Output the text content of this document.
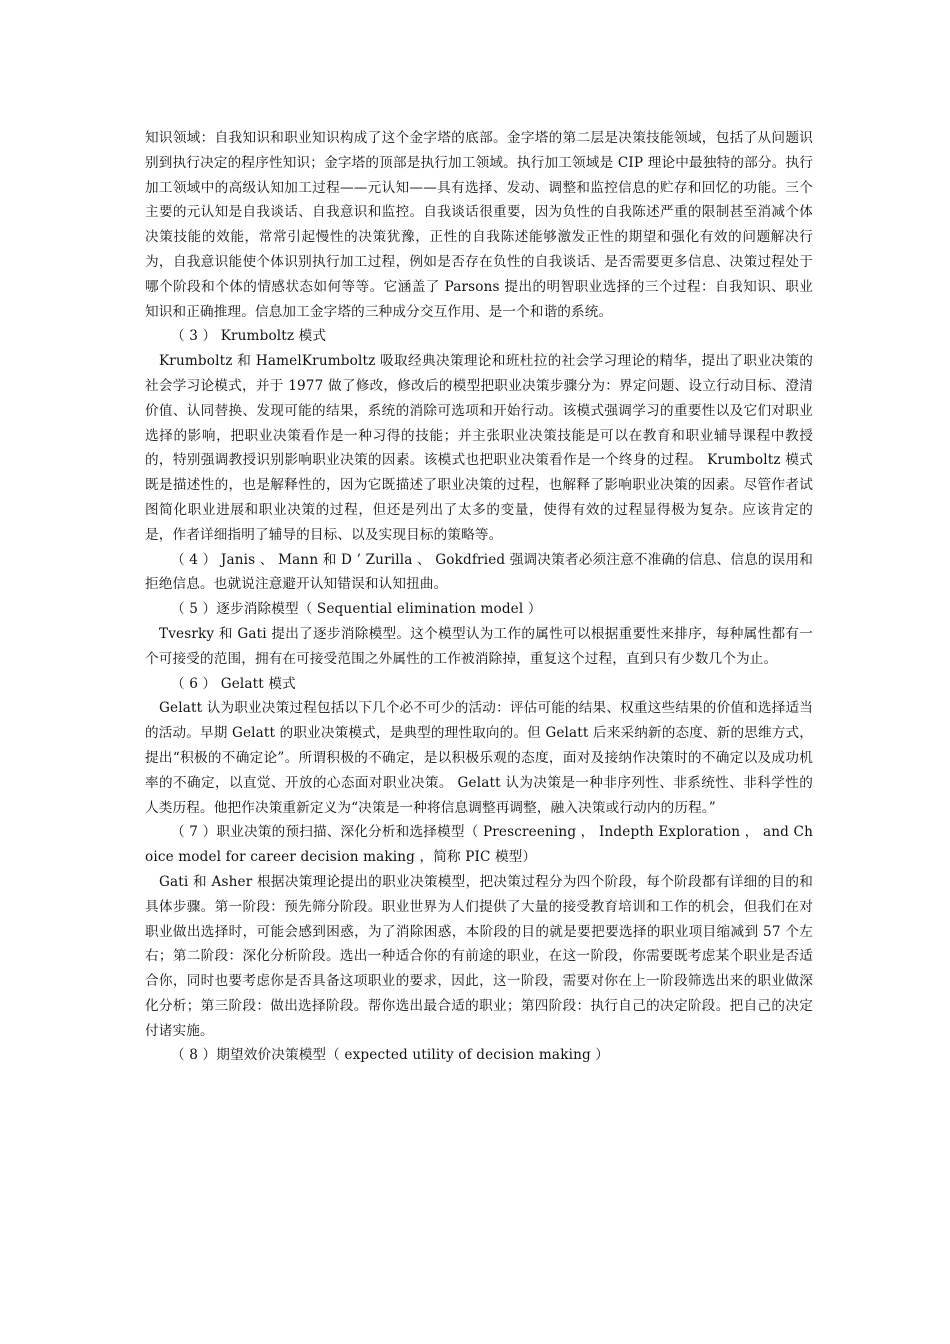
知识领域：自我知识和职业知识构成了这个金字塔的底部。金字塔的第二层是决策技能领域，包括了从问题识别到执行决定的程序性知识；金字塔的顶部是执行加工领域。执行加工领域是 CIP 理论中最独特的部分。执行加工领域中的高级认知加工过程——元认知——具有选择、发动、调整和监控信息的贮存和回忆的功能。三个主要的元认知是自我谈话、自我意识和监控。自我谈话很重要，因为负性的自我陈述严重的限制甚至消减个体决策技能的效能，常常引起慢性的决策犹豫，正性的自我陈述能够激发正性的期望和强化有效的问题解决行为，自我意识能使个体识别执行加工过程，例如是否存在负性的自我谈话、是否需要更多信息、决策过程处于哪个阶段和个体的情感状态如何等等。它涵盖了 Parsons 提出的明智职业选择的三个过程：自我知识、职业知识和正确推理。信息加工金字塔的三种成分交互作用、是一个和谐的系统。

（ 3 ） Krumboltz 模式

Krumboltz 和 HamelKrumboltz 吸取经典决策理论和班杜拉的社会学习理论的精华，提出了职业决策的社会学习论模式，并于 1977 做了修改，修改后的模型把职业决策步骤分为：界定问题、设立行动目标、澄清价值、认同替换、发现可能的结果，系统的消除可选项和开始行动。该模式强调学习的重要性以及它们对职业选择的影响，把职业决策看作是一种习得的技能；并主张职业决策技能是可以在教育和职业辅导课程中教授的，特别强调教授识别影响职业决策的因素。该模式也把职业决策看作是一个终身的过程。 Krumboltz 模式既是描述性的，也是解释性的，因为它既描述了职业决策的过程，也解释了影响职业决策的因素。尽管作者试图简化职业进展和职业决策的过程，但还是列出了太多的变量，使得有效的过程显得极为复杂。应该肯定的是，作者详细指明了辅导的目标、以及实现目标的策略等。

（ 4 ） Janis 、 Mann 和 D ’ Zurilla 、 Gokdfried 强调决策者必须注意不准确的信息、信息的误用和拒绝信息。也就说注意避开认知错误和认知扭曲。

（ 5 ）逐步消除模型（ Sequential elimination model ）

Tvesrky 和 Gati 提出了逐步消除模型。这个模型认为工作的属性可以根据重要性来排序，每种属性都有一个可接受的范围，拥有在可接受范围之外属性的工作被消除掉，重复这个过程，直到只有少数几个为止。

（ 6 ） Gelatt 模式

Gelatt 认为职业决策过程包括以下几个必不可少的活动：评估可能的结果、权重这些结果的价值和选择适当的活动。早期 Gelatt 的职业决策模式，是典型的理性取向的。但 Gelatt 后来采纳新的态度、新的思维方式，提出“积极的不确定论”。所谓积极的不确定，是以积极乐观的态度，面对及接纳作决策时的不确定以及成功机率的不确定，以直觉、开放的心态面对职业决策。 Gelatt 认为决策是一种非序列性、非系统性、非科学性的人类历程。他把作决策重新定义为“决策是一种将信息调整再调整，融入决策或行动内的历程。”

（ 7 ）职业决策的预扫描、深化分析和选择模型（ Prescreening ， Indepth Exploration ， and Choice model for career decision making ，简称 PIC 模型）

Gati 和 Asher 根据决策理论提出的职业决策模型，把决策过程分为四个阶段，每个阶段都有详细的目的和具体步骤。第一阶段：预先筛分阶段。职业世界为人们提供了大量的接受教育培训和工作的机会，但我们在对职业做出选择时，可能会感到困惑，为了消除困惑，本阶段的目的就是要把要选择的职业项目缩减到 57 个左右；第二阶段：深化分析阶段。选出一种适合你的有前途的职业，在这一阶段，你需要既考虑某个职业是否适合你，同时也要考虑你是否具备这项职业的要求，因此，这一阶段，需要对你在上一阶段筛选出来的职业做深化分析；第三阶段：做出选择阶段。帮你选出最合适的职业；第四阶段：执行自己的决定阶段。把自己的决定付诸实施。

（ 8 ）期望效价决策模型（ expected utility of decision making ）
